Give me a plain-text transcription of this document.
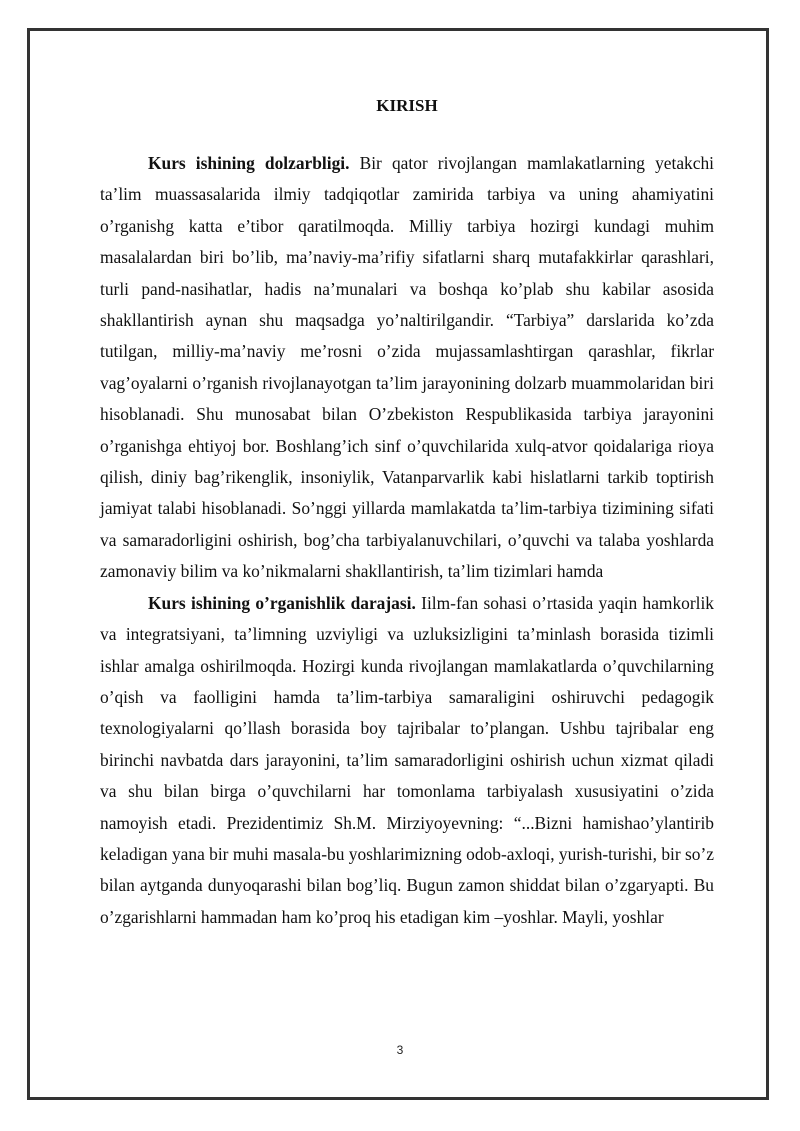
KIRISH

Kurs ishining dolzarbligi. Bir qator rivojlangan mamlakatlarning yetakchi ta’lim muassasalarida ilmiy tadqiqotlar zamirida tarbiya va uning ahamiyatini o’rganishg katta e’tibor qaratilmoqda. Milliy tarbiya hozirgi kundagi muhim masalalardan biri bo’lib, ma’naviy-ma’rifiy sifatlarni sharq mutafakkirlar qarashlari, turli pand-nasihatlar, hadis na’munalari va boshqa ko’plab shu kabilar asosida shakllantirish aynan shu maqsadga yo’naltirilgandir. “Tarbiya” darslarida ko’zda tutilgan, milliy-ma’naviy me’rosni o’zida mujassamlashtirgan qarashlar, fikrlar vag’oyalarni o’rganish rivojlanayotgan ta’lim jarayonining dolzarb muammolaridan biri hisoblanadi. Shu munosabat bilan O’zbekiston Respublikasida tarbiya jarayonini o’rganishga ehtiyoj bor. Boshlang’ich sinf o’quvchilarida xulq-atvor qoidalariga rioya qilish, diniy bag’rikenglik, insoniylik, Vatanparvarlik kabi hislatlarni tarkib toptirish jamiyat talabi hisoblanadi. So’nggi yillarda mamlakatda ta’lim-tarbiya tizimining sifati va samaradorligini oshirish, bog’cha tarbiyalanuvchilari, o’quvchi va talaba yoshlarda zamonaviy bilim va ko’nikmalarni shakllantirish, ta’lim tizimlari hamda

Kurs ishining o’rganishlik darajasi. Iilm-fan sohasi o’rtasida yaqin hamkorlik va integratsiyani, ta’limning uzviyligi va uzluksizligini ta’minlash borasida tizimli ishlar amalga oshirilmoqda. Hozirgi kunda rivojlangan mamlakatlarda o’quvchilarning o’qish va faolligini hamda ta’lim-tarbiya samaraligini oshiruvchi pedagogik texnologiyalarni qo’llash borasida boy tajribalar to’plangan. Ushbu tajribalar eng birinchi navbatda dars jarayonini, ta’lim samaradorligini oshirish uchun xizmat qiladi va shu bilan birga o’quvchilarni har tomonlama tarbiyalash xususiyatini o’zida namoyish etadi. Prezidentimiz Sh.M. Mirziyoyevning: “...Bizni hamishao’ylantirib keladigan yana bir muhi masala-bu yoshlarimizning odob-axloqi, yurish-turishi, bir so’z bilan aytganda dunyoqarashi bilan bog’liq. Bugun zamon shiddat bilan o’zgaryapti. Bu o’zgarishlarni hammadan ham ko’proq his etadigan kim –yoshlar. Mayli, yoshlar

3
